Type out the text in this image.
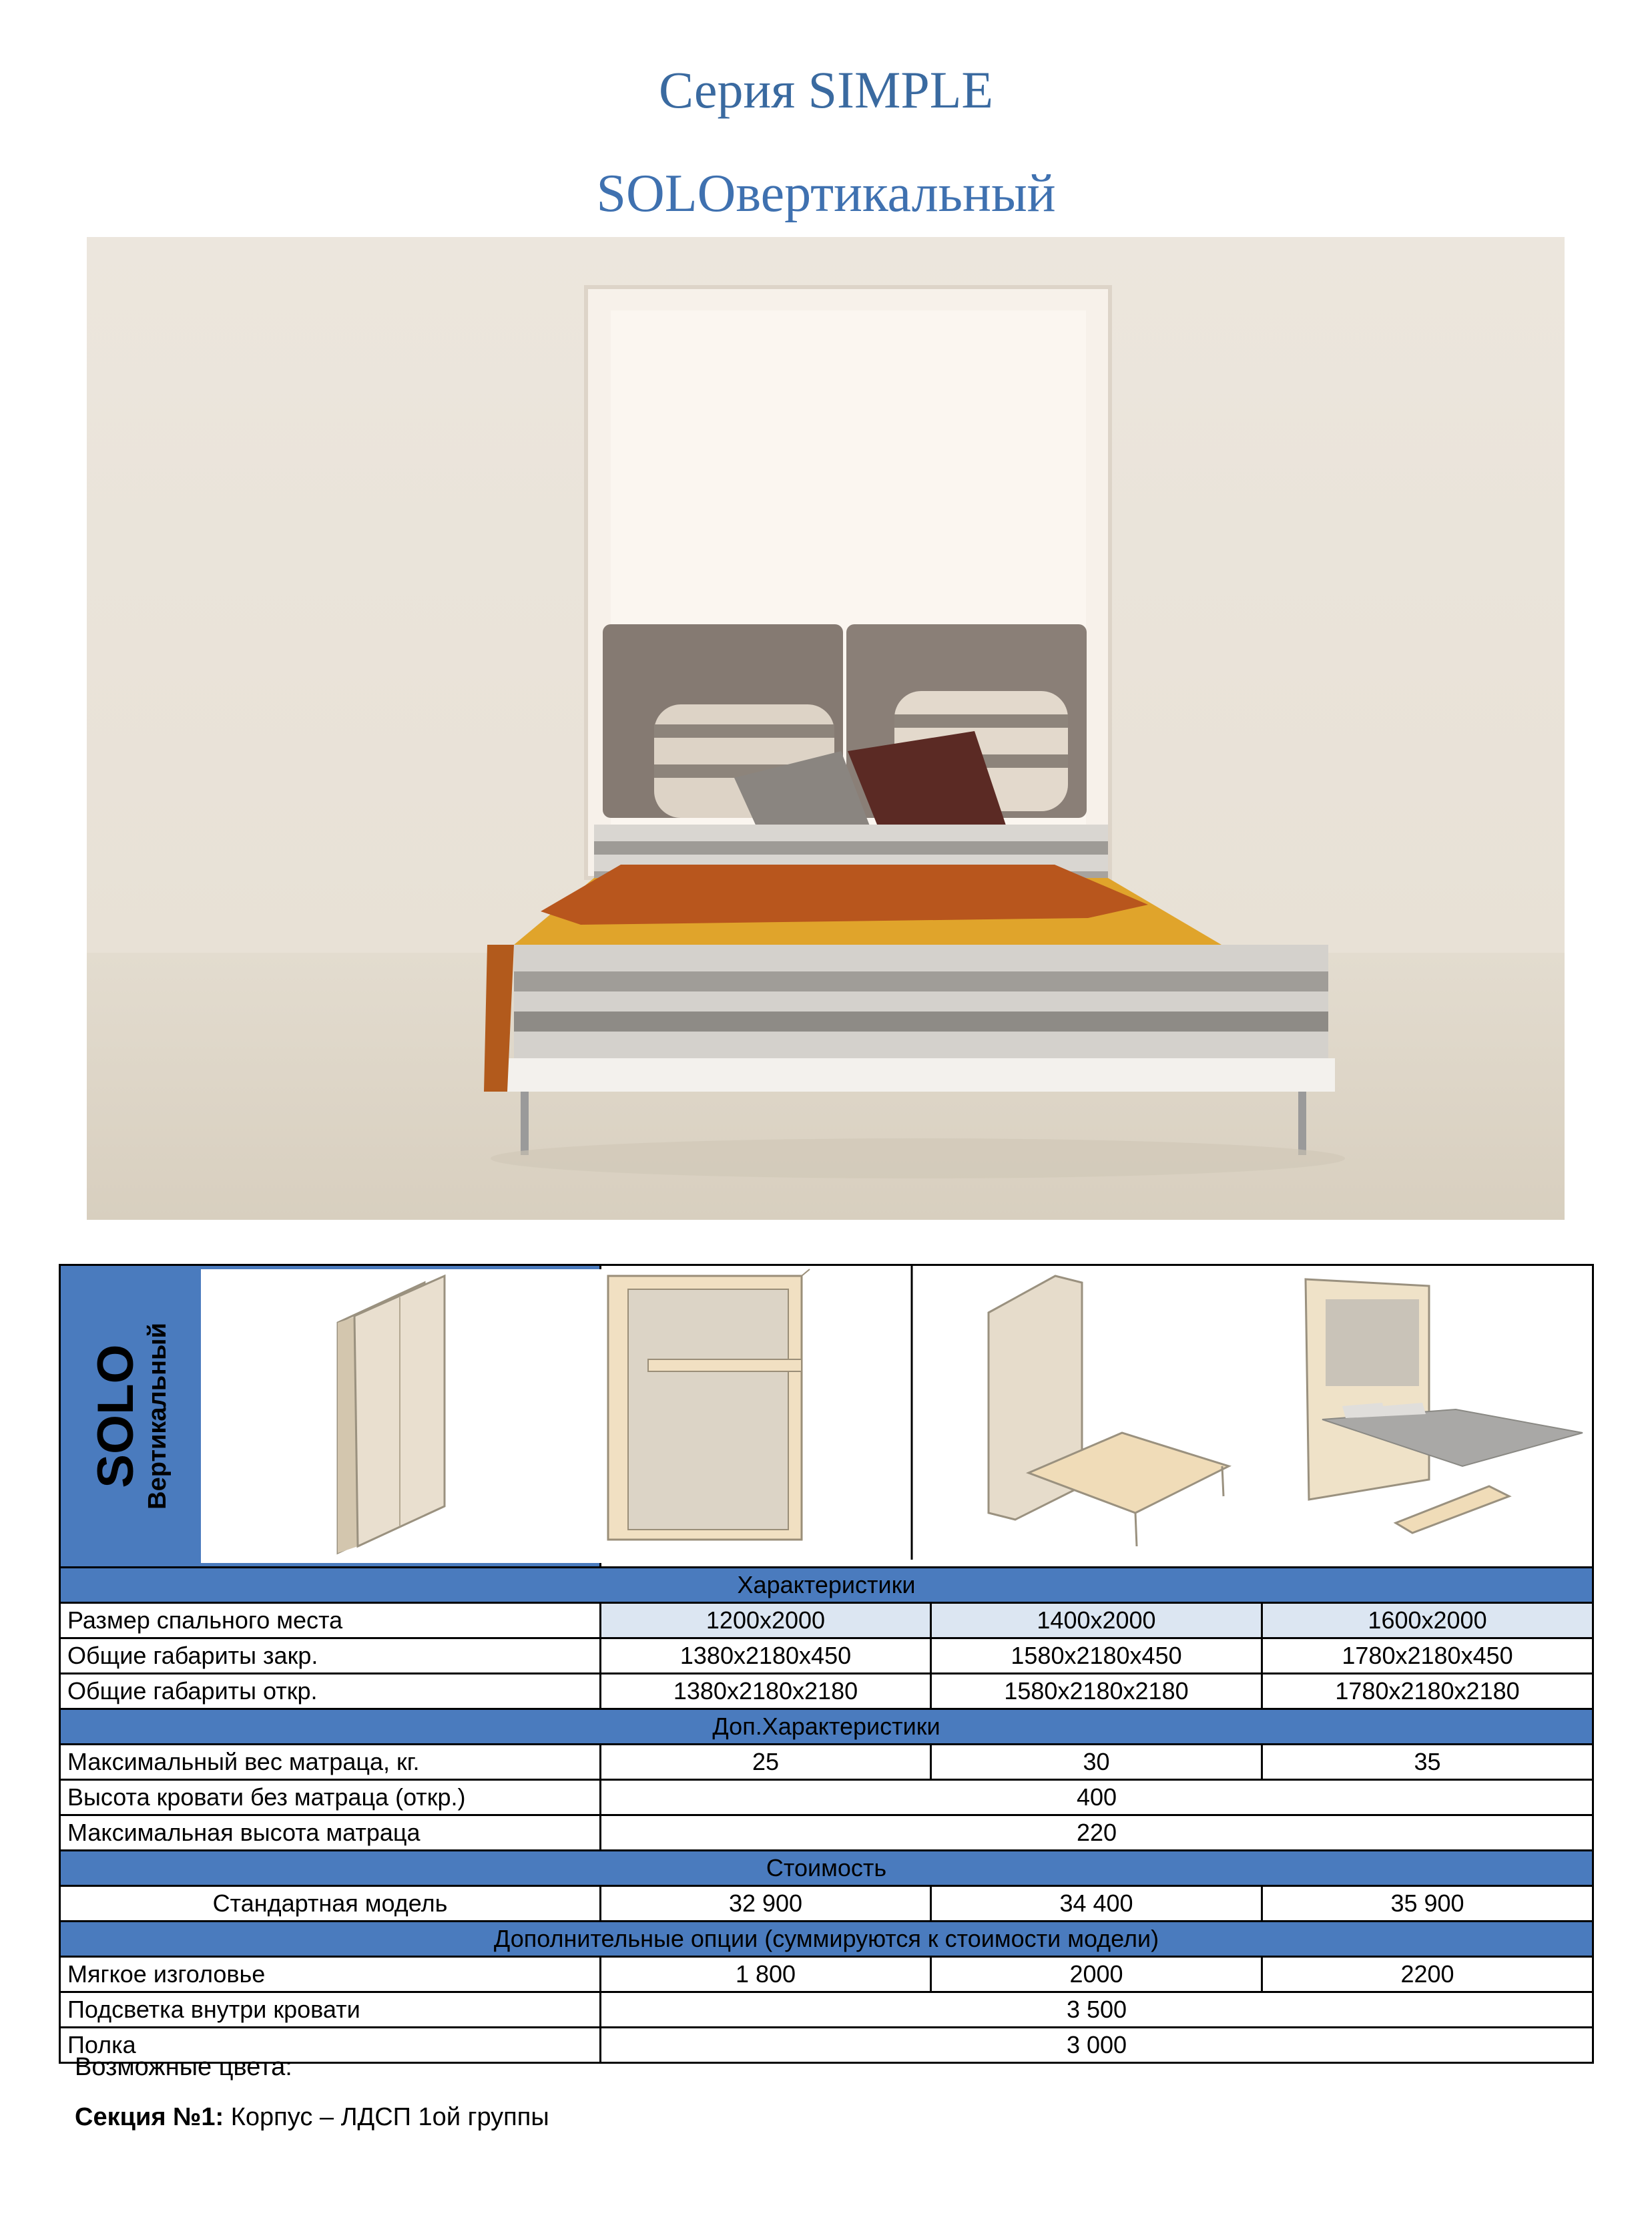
Серия SIMPLE
SOLOвертикальный
SOLO Вертикальный

Характеристики			
Размер спального места	1200х2000	1400х2000	1600х2000
Общие габариты закр.	1380х2180х450	1580х2180х450	1780х2180х450
Общие габариты откр.	1380х2180х2180	1580х2180х2180	1780х2180х2180
Доп.Характеристики			
Максимальный вес матраца, кг.	25	30	35
Высота кровати без матраца (откр.)	400		
Максимальная высота матраца	220		
Стоимость			
Стандартная модель	32 900	34 400	35 900
Дополнительные опции (суммируются к стоимости модели)			
Мягкое изголовье	1 800	2000	2200
Подсветка внутри кровати	3 500		
Полка	3 000		
Возможные цвета:
Секция №1: Корпус – ЛДСП 1ой группы
